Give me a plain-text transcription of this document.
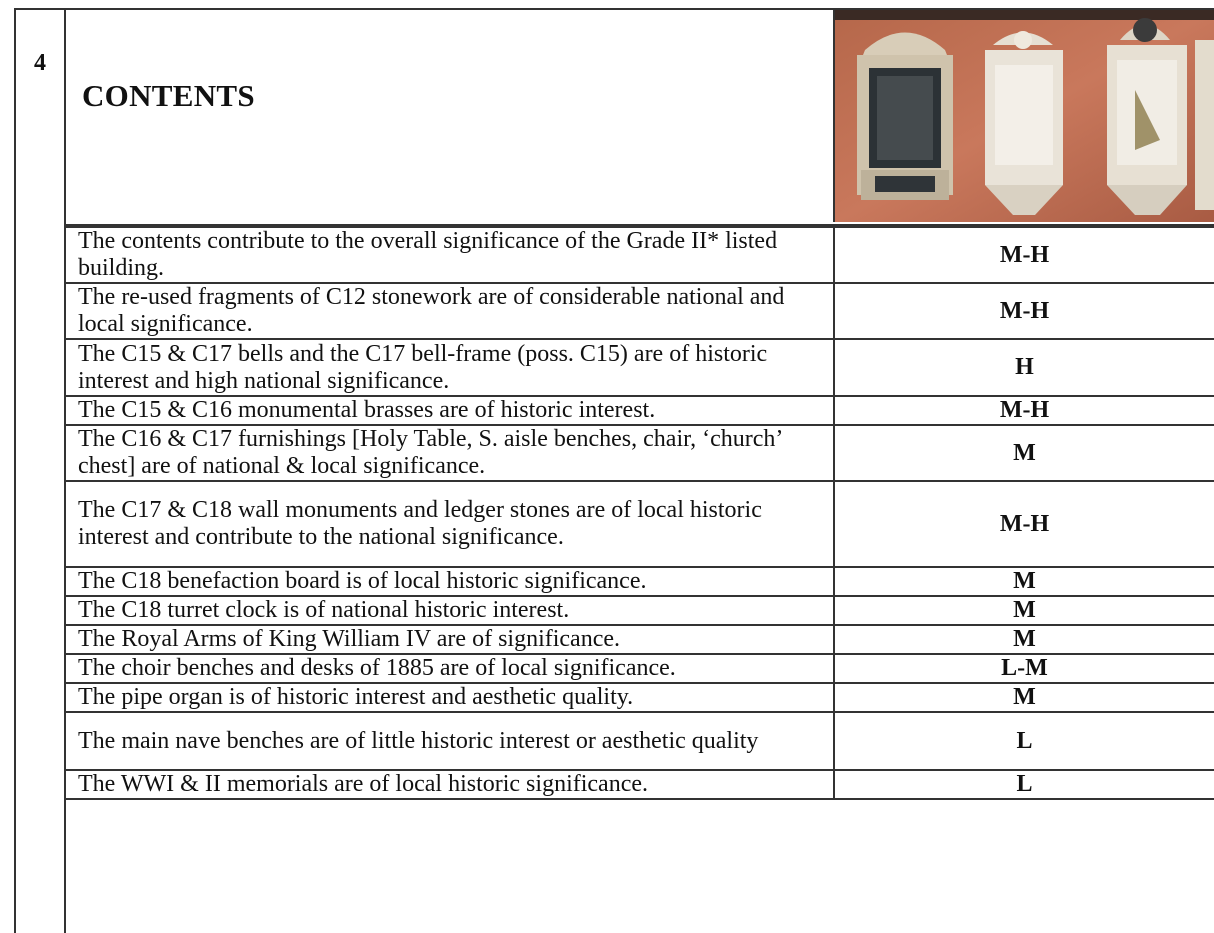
4
CONTENTS
The contents contribute to the overall significance of the Grade II* listed building.	M-H
The re-used fragments of C12 stonework are of considerable national and local significance.	M-H
The C15 & C17 bells and the C17 bell-frame (poss. C15) are of historic interest and high national significance.	H
The C15 & C16 monumental brasses are of historic interest.	M-H
The C16 & C17 furnishings [Holy Table, S. aisle benches, chair, ‘church’ chest] are of national & local significance.	M
The C17 & C18 wall monuments and ledger stones are of local historic interest and contribute to the national significance.	M-H
The C18 benefaction board is of local historic significance.	M
The C18 turret clock is of national historic interest.	M
The Royal Arms of King William IV are of significance.	M
The choir benches and desks of 1885 are of local significance.	L-M
The pipe organ is of historic interest and aesthetic quality.	M
The main nave benches are of little historic interest or aesthetic quality	L
The WWI & II memorials are of local historic significance.	L
